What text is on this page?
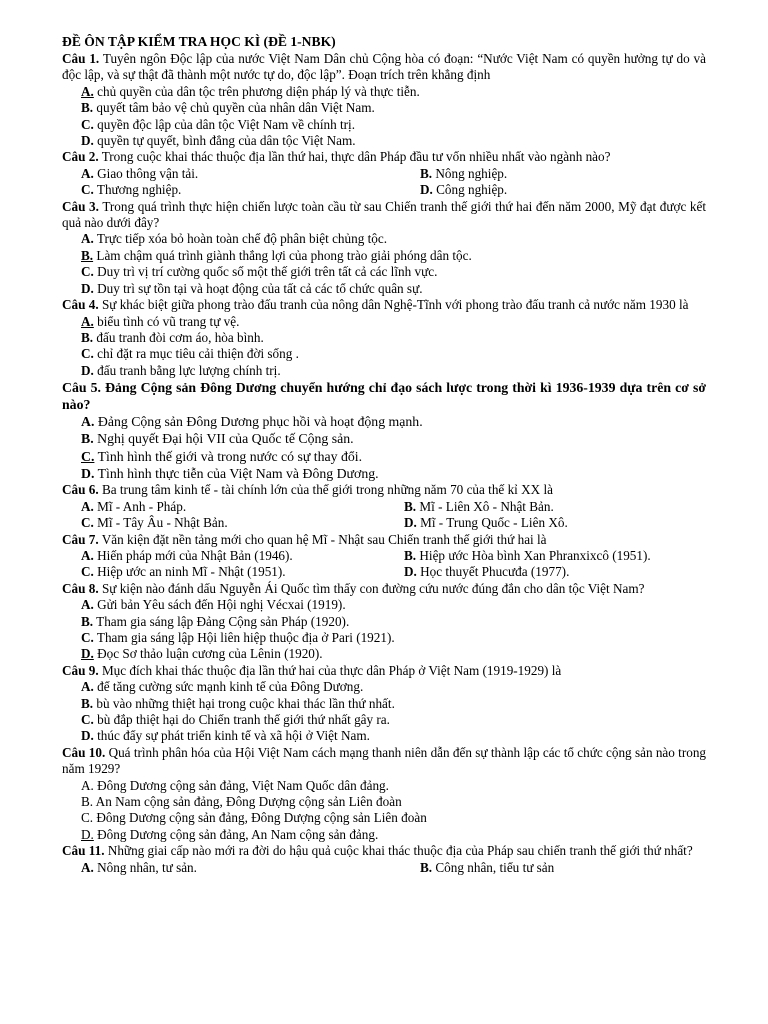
ĐỀ ÔN TẬP KIỂM TRA HỌC KÌ (ĐỀ 1-NBK)
Câu 1. Tuyên ngôn Độc lập của nước Việt Nam Dân chủ Cộng hòa có đoạn: “Nước Việt Nam có quyền hưởng tự do và độc lập, và sự thật đã thành một nước tự do, độc lập”. Đoạn trích trên khẳng định
A. chủ quyền của dân tộc trên phương diện pháp lý và thực tiễn.
B. quyết tâm bảo vệ chủ quyền của nhân dân Việt Nam.
C. quyền độc lập của dân tộc Việt Nam về chính trị.
D. quyền tự quyết, bình đẳng của dân tộc Việt Nam.
Câu 2. Trong cuộc khai thác thuộc địa lần thứ hai, thực dân Pháp đầu tư vốn nhiều nhất vào ngành nào?
A. Giao thông vận tải.	B. Nông nghiệp.
C. Thương nghiệp.	D. Công nghiệp.
Câu 3. Trong quá trình thực hiện chiến lược toàn cầu từ sau Chiến tranh thế giới thứ hai đến năm 2000, Mỹ đạt được kết quả nào dưới đây?
A. Trực tiếp xóa bỏ hoàn toàn chế độ phân biệt chủng tộc.
B. Làm chậm quá trình giành thắng lợi của phong trào giải phóng dân tộc.
C. Duy trì vị trí cường quốc số một thế giới trên tất cả các lĩnh vực.
D. Duy trì sự tồn tại và hoạt động của tất cả các tổ chức quân sự.
Câu 4. Sự khác biệt giữa phong trào đấu tranh của nông dân Nghệ-Tĩnh với phong trào đấu tranh cả nước năm 1930 là
A. biểu tình có vũ trang tự vệ.
B. đấu tranh đòi cơm áo, hòa bình.
C. chỉ đặt ra mục tiêu cải thiện đời sống .
D. đấu tranh bằng lực lượng chính trị.
Câu 5. Đảng Cộng sản Đông Dương chuyển hướng chỉ đạo sách lược trong thời kì 1936-1939 dựa trên cơ sở nào?
A. Đảng Cộng sản Đông Dương phục hồi và hoạt động mạnh.
B. Nghị quyết Đại hội VII của Quốc tế Cộng sản.
C. Tình hình thế giới và trong nước có sự thay đổi.
D. Tình hình thực tiễn của Việt Nam và Đông Dương.
Câu 6. Ba trung tâm kinh tế - tài chính lớn của thế giới trong những năm 70 của thế kỉ XX là
A. Mĩ - Anh - Pháp.	B. Mĩ - Liên Xô - Nhật Bản.
C. Mĩ - Tây Âu - Nhật Bản.	D. Mĩ - Trung Quốc - Liên Xô.
Câu 7. Văn kiện đặt nền tảng mới cho quan hệ Mĩ - Nhật sau Chiến tranh thế giới thứ hai là
A. Hiến pháp mới của Nhật Bản (1946).	B. Hiệp ước Hòa bình Xan Phranxixcô (1951).
C. Hiệp ước an ninh Mĩ - Nhật (1951).	D. Học thuyết Phucưđa (1977).
Câu 8. Sự kiện nào đánh dấu Nguyễn Ái Quốc tìm thấy con đường cứu nước đúng đắn cho dân tộc Việt Nam?
A. Gửi bản Yêu sách đến Hội nghị Vécxai (1919).
B. Tham gia sáng lập Đảng Cộng sản Pháp (1920).
C. Tham gia sáng lập Hội liên hiệp thuộc địa ở Pari (1921).
D. Đọc Sơ thảo luận cương của Lênin (1920).
Câu 9. Mục đích khai thác thuộc địa lần thứ hai của thực dân Pháp ở Việt Nam (1919-1929) là
A. để tăng cường sức mạnh kinh tế của Đông Dương.
B. bù vào những thiệt hại trong cuộc khai thác lần thứ nhất.
C. bù đắp thiệt hại do Chiến tranh thế giới thứ nhất gây ra.
D. thúc đẩy sự phát triển kinh tế và xã hội ở Việt Nam.
Câu 10. Quá trình phân hóa của Hội Việt Nam cách mạng thanh niên dẫn đến sự thành lập các tổ chức cộng sản nào trong năm 1929?
A. Đông Dương cộng sản đảng, Việt Nam Quốc dân đảng.
B. An Nam cộng sản đảng, Đông Dượng cộng sản Liên đoàn
C. Đông Dương cộng sản đảng, Đông Dượng cộng sản Liên đoàn
D. Đông Dương cộng sản đảng, An Nam cộng sản đảng.
Câu 11. Những giai cấp nào mới ra đời do hậu quả cuộc khai thác thuộc địa của Pháp sau chiến tranh thế giới thứ nhất?
A. Nông nhân, tư sản.	B. Công nhân, tiểu tư sản
